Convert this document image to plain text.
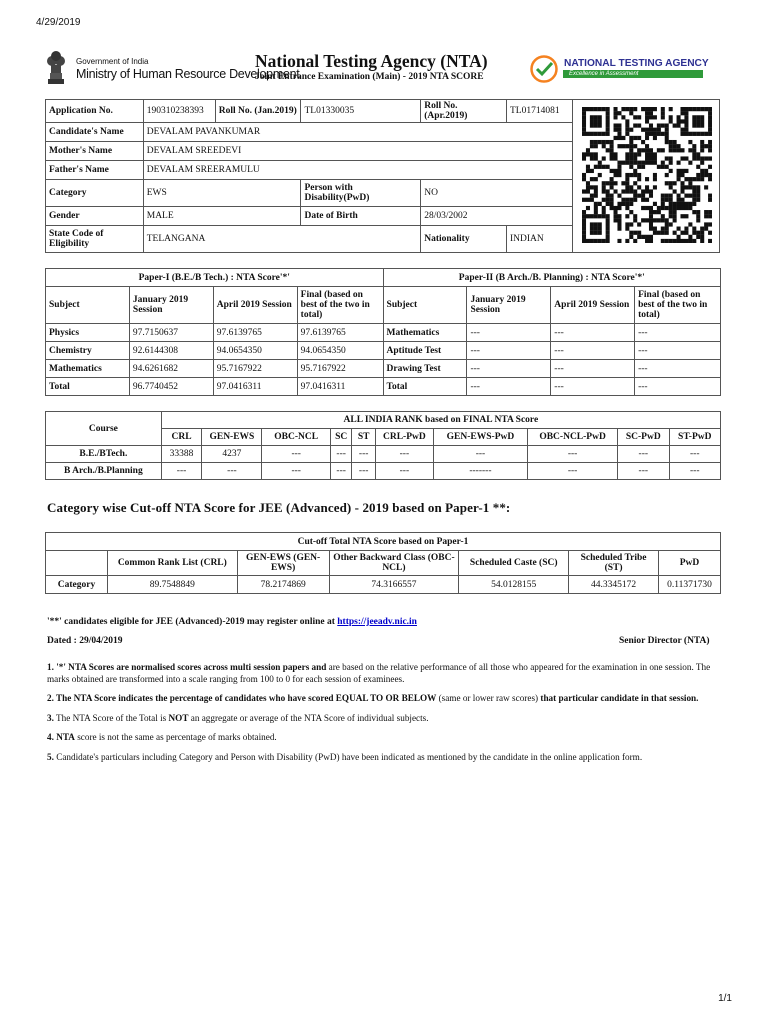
4/29/2019
Government of India
Ministry of Human Resource Development
National Testing Agency (NTA)
Joint Entrance Examination (Main) - 2019 NTA SCORE
NATIONAL TESTING AGENCY
Excellence in Assessment
Application No.	190310238393	Roll No. (Jan.2019)	TL01330035	Roll No. (Apr.2019)	TL01714081
Candidate's Name	DEVALAM PAVANKUMAR				
Mother's Name	DEVALAM SREEDEVI				
Father's Name	DEVALAM SREERAMULU				
Category	EWS		Person with Disability(PwD)	NO	
Gender	MALE		Date of Birth	28/03/2002	
State Code of Eligibility	TELANGANA			Nationality	INDIAN
Paper-I (B.E./B Tech.) : NTA Score'*'				Paper-II (B Arch./B. Planning) : NTA Score'*'			
Subject	January 2019 Session	April 2019 Session	Final (based on best of the two in total)	Subject	January 2019 Session	April 2019 Session	Final (based on best of the two in total)
Physics	97.7150637	97.6139765	97.6139765	Mathematics	---	---	---
Chemistry	92.6144308	94.0654350	94.0654350	Aptitude Test	---	---	---
Mathematics	94.6261682	95.7167922	95.7167922	Drawing Test	---	---	---
Total	96.7740452	97.0416311	97.0416311	Total	---	---	---
Course	ALL INDIA RANK based on FINAL NTA Score									
	CRL	GEN-EWS	OBC-NCL	SC	ST	CRL-PwD	GEN-EWS-PwD	OBC-NCL-PwD	SC-PwD	ST-PwD
B.E./BTech.	33388	4237	---	---	---	---	---	---	---	---
B Arch./B.Planning	---	---	---	---	---	---	-------	---	---	---
Category wise Cut-off NTA Score for JEE (Advanced) - 2019 based on Paper-1 **:
Cut-off Total NTA Score based on Paper-1						
	Common Rank List (CRL)	GEN-EWS (GEN-EWS)	Other Backward Class (OBC-NCL)	Scheduled Caste (SC)	Scheduled Tribe (ST)	PwD
Category	89.7548849	78.2174869	74.3166557	54.0128155	44.3345172	0.11371730
'**' candidates eligible for JEE (Advanced)-2019 may register online at https://jeeadv.nic.in
Dated : 29/04/2019	Senior Director (NTA)

1. '*' NTA Scores are normalised scores across multi session papers and are based on the relative performance of all those who appeared for the examination in one session. The marks obtained are transformed into a scale ranging from 100 to 0 for each session of examinees.

2. The NTA Score indicates the percentage of candidates who have scored EQUAL TO OR BELOW (same or lower raw scores) that particular candidate in that session.

3. The NTA Score of the Total is NOT an aggregate or average of the NTA Score of individual subjects.

4. NTA score is not the same as percentage of marks obtained.

5. Candidate's particulars including Category and Person with Disability (PwD) have been indicated as mentioned by the candidate in the online application form.

1/1
